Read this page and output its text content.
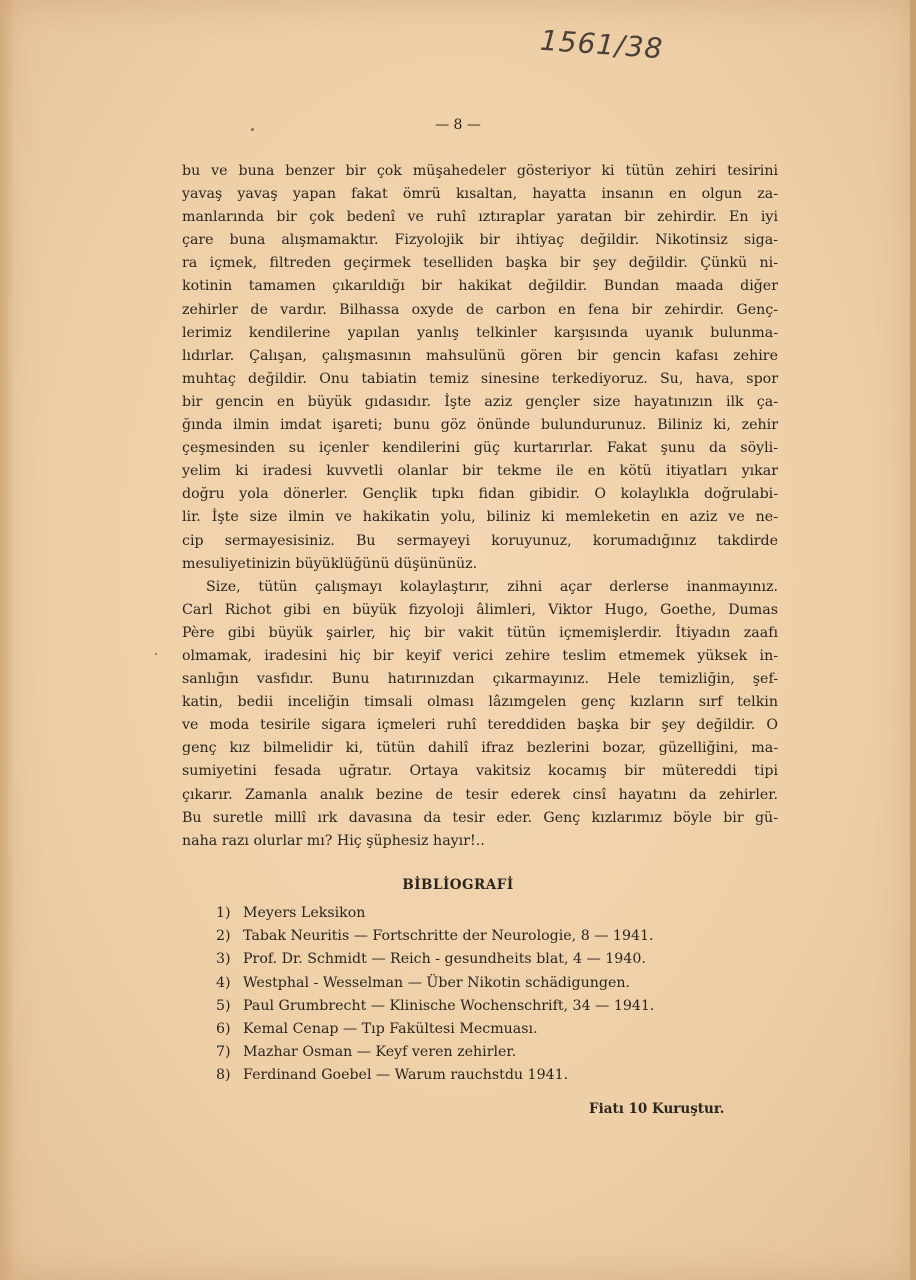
1561/38
— 8 —

bu ve buna benzer bir çok müşahedeler gösteriyor ki tütün zehiri tesirini
yavaş yavaş yapan fakat ömrü kısaltan, hayatta insanın en olgun za-
manlarında bir çok bedenî ve ruhî ıztıraplar yaratan bir zehirdir. En iyi
çare buna alışmamaktır. Fizyolojik bir ihtiyaç değildir. Nikotinsiz siga-
ra içmek, filtreden geçirmek teselliden başka bir şey değildir. Çünkü ni-
kotinin tamamen çıkarıldığı bir hakikat değildir. Bundan maada diğer
zehirler de vardır. Bilhassa oxyde de carbon en fena bir zehirdir. Genç-
lerimiz kendilerine yapılan yanlış telkinler karşısında uyanık bulunma-
lıdırlar. Çalışan, çalışmasının mahsulünü gören bir gencin kafası zehire
muhtaç değildir. Onu tabiatin temiz sinesine terkediyoruz. Su, hava, spor
bir gencin en büyük gıdasıdır. İşte aziz gençler size hayatınızın ilk ça-
ğında ilmin imdat işareti; bunu göz önünde bulundurunuz. Biliniz ki, zehir
çeşmesinden su içenler kendilerini güç kurtarırlar. Fakat şunu da söyli-
yelim ki iradesi kuvvetli olanlar bir tekme ile en kötü itiyatları yıkar
doğru yola dönerler. Gençlik tıpkı fidan gibidir. O kolaylıkla doğrulabi-
lir. İşte size ilmin ve hakikatin yolu, biliniz ki memleketin en aziz ve ne-
cip sermayesisiniz. Bu sermayeyi koruyunuz, korumadığınız takdirde
mesuliyetinizin büyüklüğünü düşününüz.

Size, tütün çalışmayı kolaylaştırır, zihni açar derlerse inanmayınız.
Carl Richot gibi en büyük fizyoloji âlimleri, Viktor Hugo, Goethe, Dumas
Père gibi büyük şairler, hiç bir vakit tütün içmemişlerdir. İtiyadın zaafı
olmamak, iradesini hiç bir keyif verici zehire teslim etmemek yüksek in-
sanlığın vasfıdır. Bunu hatırınızdan çıkarmayınız. Hele temizliğin, şef-
katin, bedii inceliğin timsali olması lâzımgelen genç kızların sırf telkin
ve moda tesirile sigara içmeleri ruhî tereddiden başka bir şey değildir. O
genç kız bilmelidir ki, tütün dahilî ifraz bezlerini bozar, güzelliğini, ma-
sumiyetini fesada uğratır. Ortaya vakitsiz kocamış bir mütereddi tipi
çıkarır. Zamanla analık bezine de tesir ederek cinsî hayatını da zehirler.
Bu suretle millî ırk davasına da tesir eder. Genç kızlarımız böyle bir gü-
naha razı olurlar mı? Hiç şüphesiz hayır!..

BİBLİOGRAFİ
1) Meyers Leksikon
2) Tabak Neuritis — Fortschritte der Neurologie, 8 — 1941.
3) Prof. Dr. Schmidt — Reich - gesundheits blat, 4 — 1940.
4) Westphal - Wesselman — Über Nikotin schädigungen.
5) Paul Grumbrecht — Klinische Wochenschrift, 34 — 1941.
6) Kemal Cenap — Tıp Fakültesi Mecmuası.
7) Mazhar Osman — Keyf veren zehirler.
8) Ferdinand Goebel — Warum rauchstdu 1941.
Fiatı 10 Kuruştur.
